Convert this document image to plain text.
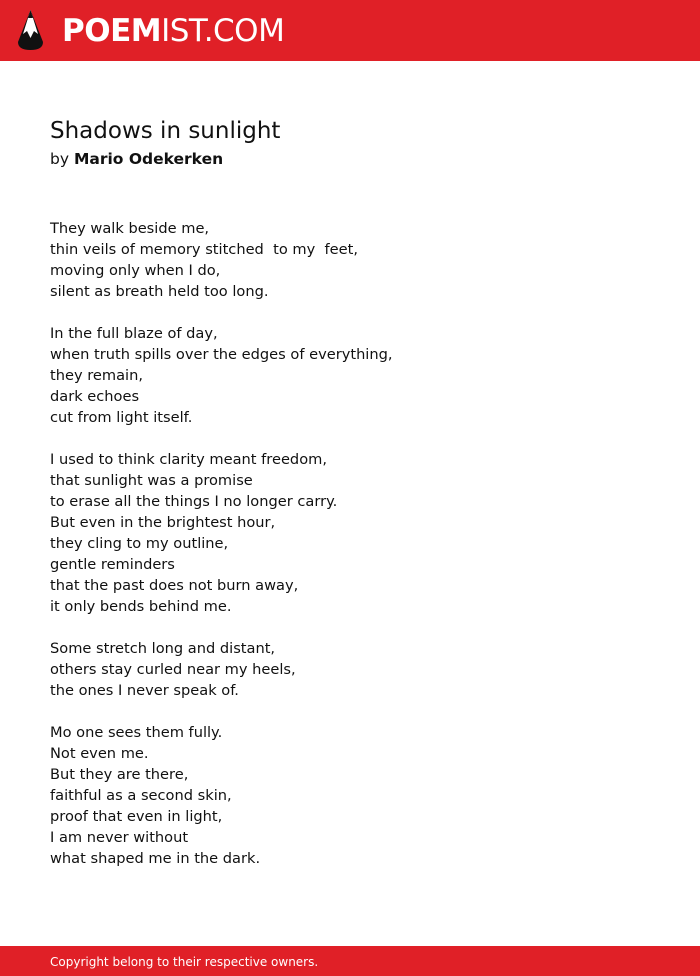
POEMIST.COM
Shadows in sunlight
by Mario Odekerken
They walk beside me,
thin veils of memory stitched  to my  feet,
moving only when I do,
silent as breath held too long.
In the full blaze of day,
when truth spills over the edges of everything,
they remain,
dark echoes
cut from light itself.
I used to think clarity meant freedom,
that sunlight was a promise
to erase all the things I no longer carry.
But even in the brightest hour,
they cling to my outline,
gentle reminders
that the past does not burn away,
it only bends behind me.
Some stretch long and distant,
others stay curled near my heels,
the ones I never speak of.
Mo one sees them fully.
Not even me.
But they are there,
faithful as a second skin,
proof that even in light,
I am never without
what shaped me in the dark.
Copyright belong to their respective owners.
